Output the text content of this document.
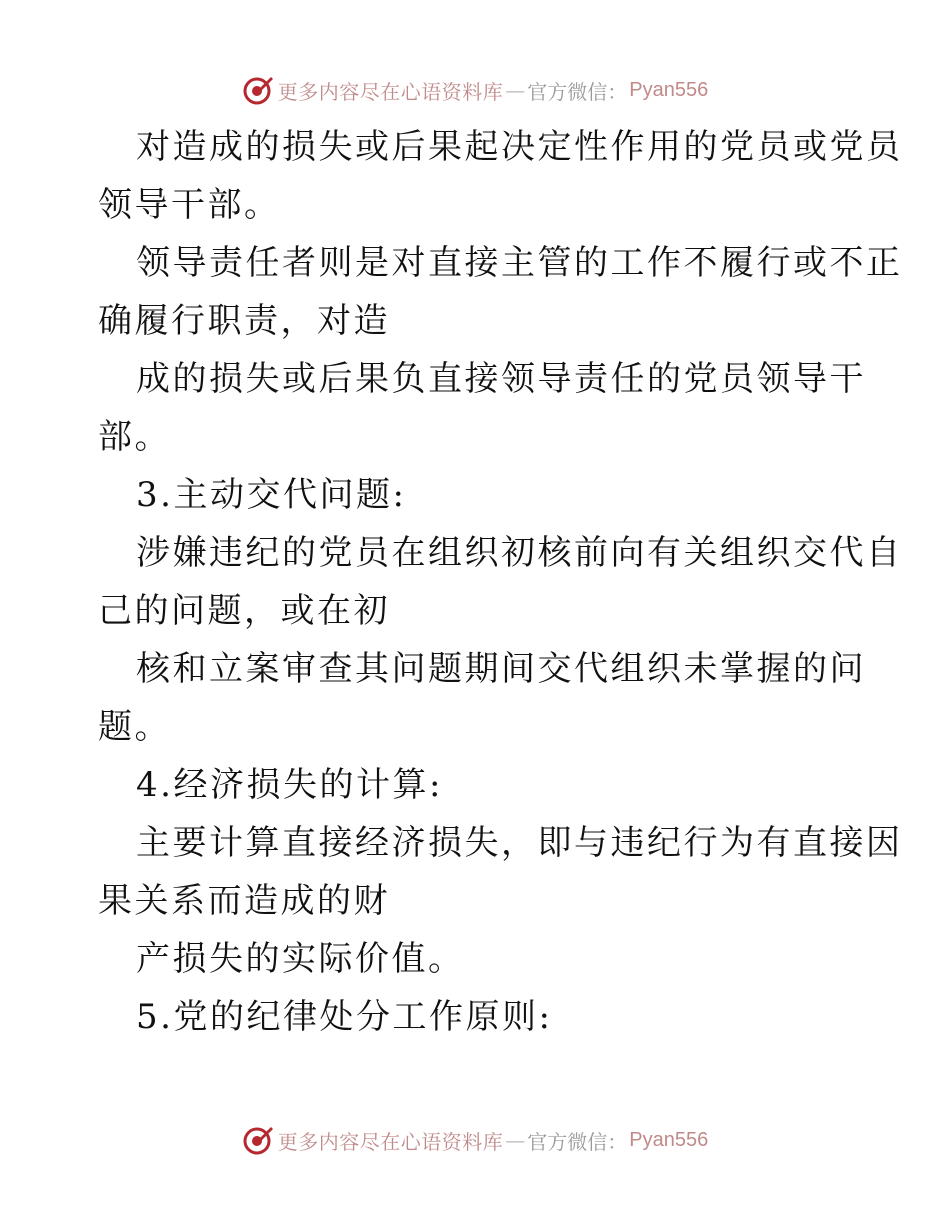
更多内容尽在心语资料库 — 官方微信： Pyan556
对造成的损失或后果起决定性作用的党员或党员
领导干部。
领导责任者则是对直接主管的工作不履行或不正
确履行职责，对造
成的损失或后果负直接领导责任的党员领导干
部。
3.主动交代问题:
涉嫌违纪的党员在组织初核前向有关组织交代自
己的问题，或在初
核和立案审查其问题期间交代组织未掌握的问
题。
4.经济损失的计算:
主要计算直接经济损失，即与违纪行为有直接因
果关系而造成的财
产损失的实际价值。
5.党的纪律处分工作原则:
更多内容尽在心语资料库 — 官方微信： Pyan556
